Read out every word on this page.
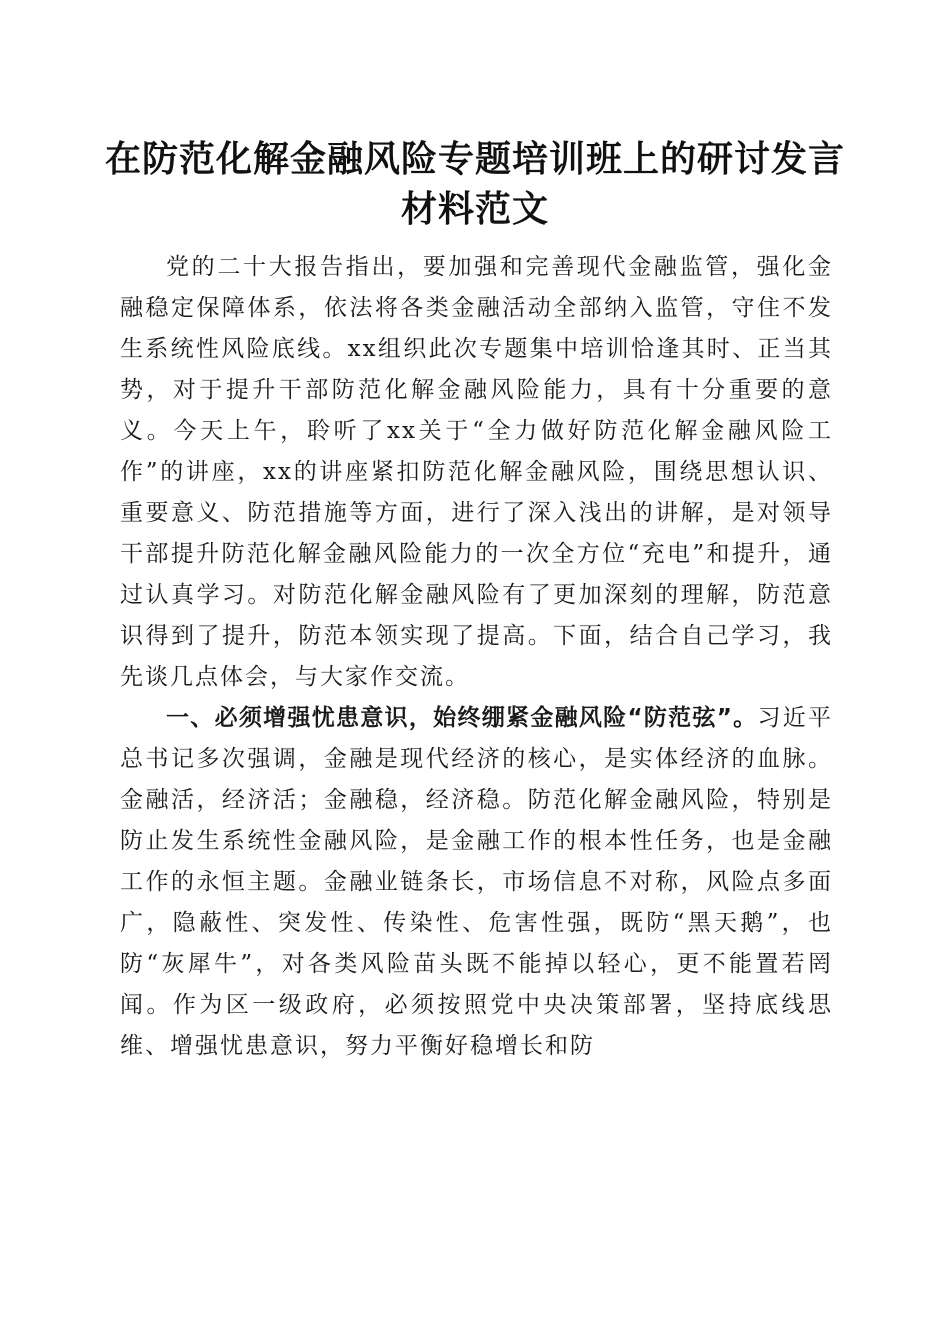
在防范化解金融风险专题培训班上的研讨发言
材料范文

党的二十大报告指出，要加强和完善现代金融监管，强化金融稳定保障体系，依法将各类金融活动全部纳入监管，守住不发生系统性风险底线。xx组织此次专题集中培训恰逢其时、正当其势，对于提升干部防范化解金融风险能力，具有十分重要的意义。今天上午，聆听了xx关于“全力做好防范化解金融风险工作”的讲座，xx的讲座紧扣防范化解金融风险，围绕思想认识、重要意义、防范措施等方面，进行了深入浅出的讲解，是对领导干部提升防范化解金融风险能力的一次全方位“充电”和提升，通过认真学习。对防范化解金融风险有了更加深刻的理解，防范意识得到了提升，防范本领实现了提高。下面，结合自己学习，我先谈几点体会，与大家作交流。

一、必须增强忧患意识，始终绷紧金融风险“防范弦”。习近平总书记多次强调，金融是现代经济的核心，是实体经济的血脉。金融活，经济活；金融稳，经济稳。防范化解金融风险，特别是防止发生系统性金融风险，是金融工作的根本性任务，也是金融工作的永恒主题。金融业链条长，市场信息不对称，风险点多面广，隐蔽性、突发性、传染性、危害性强，既防“黑天鹅”，也防“灰犀牛”，对各类风险苗头既不能掉以轻心，更不能置若罔闻。作为区一级政府，必须按照党中央决策部署，坚持底线思维、增强忧患意识，努力平衡好稳增长和防
